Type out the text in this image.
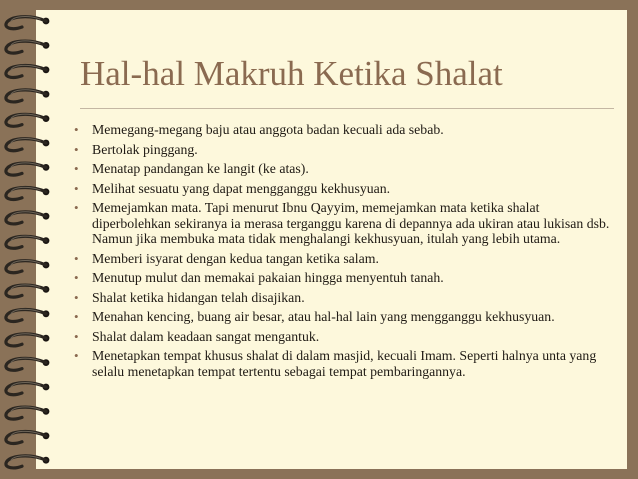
Hal-hal Makruh Ketika Shalat
• Memegang-megang baju atau anggota badan kecuali ada sebab.
• Bertolak pinggang.
• Menatap pandangan ke langit (ke atas).
• Melihat sesuatu yang dapat mengganggu kekhusyuan.
• Memejamkan mata. Tapi menurut Ibnu Qayyim, memejamkan mata ketika shalat diperbolehkan sekiranya ia merasa terganggu karena di depannya ada ukiran atau lukisan dsb. Namun jika membuka mata tidak menghalangi kekhusyuan, itulah yang lebih utama.
• Memberi isyarat dengan kedua tangan ketika salam.
• Menutup mulut dan memakai pakaian hingga menyentuh tanah.
• Shalat ketika hidangan telah disajikan.
• Menahan kencing, buang air besar, atau hal-hal lain yang mengganggu kekhusyuan.
• Shalat dalam keadaan sangat mengantuk.
• Menetapkan tempat khusus shalat di dalam masjid, kecuali Imam. Seperti halnya unta yang selalu menetapkan tempat tertentu sebagai tempat pembaringannya.
